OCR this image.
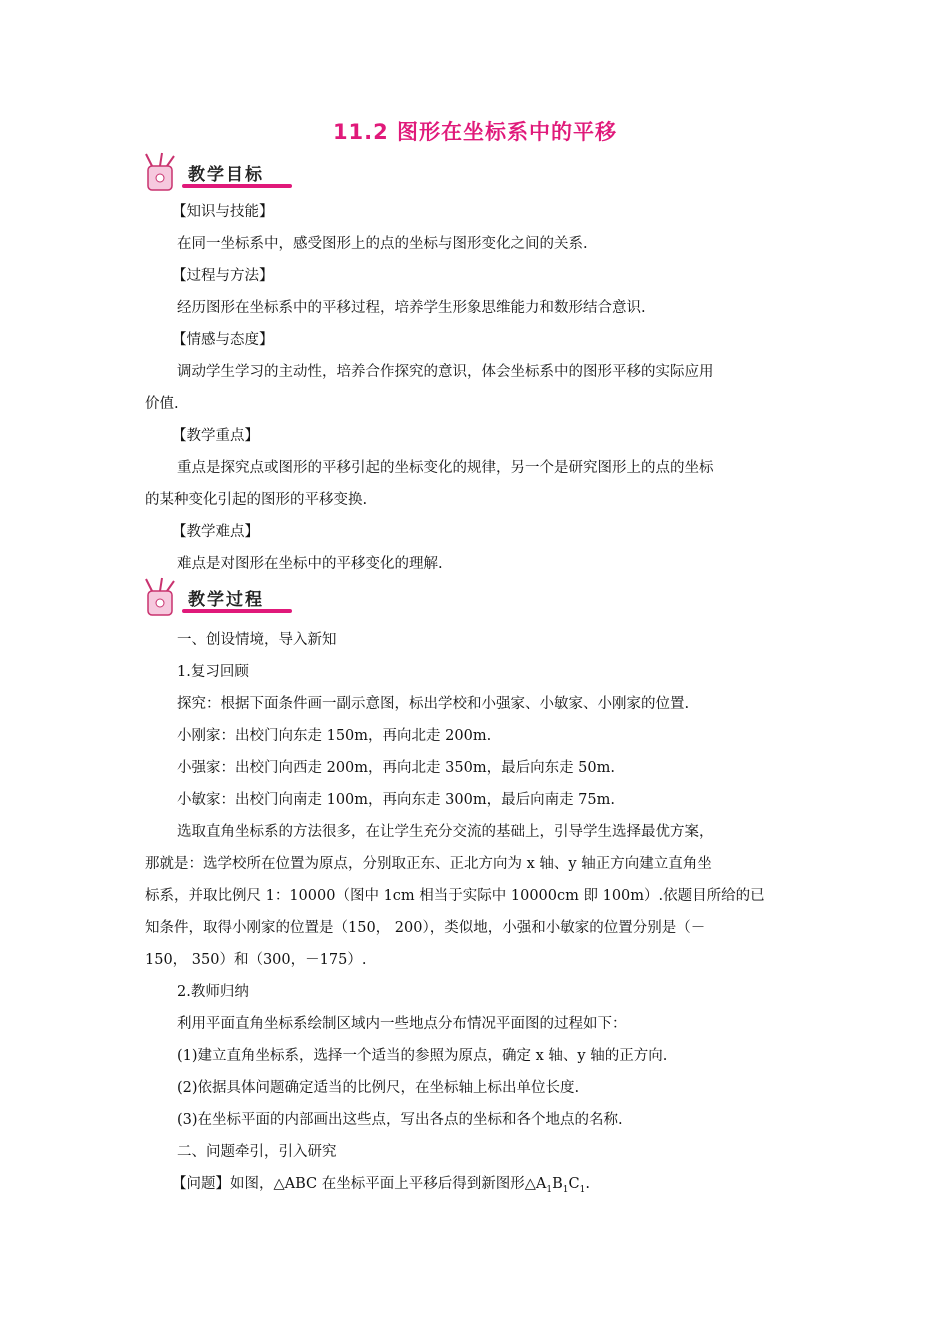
11.2 图形在坐标系中的平移
教学目标
教学过程
【知识与技能】
在同一坐标系中，感受图形上的点的坐标与图形变化之间的关系.
【过程与方法】
经历图形在坐标系中的平移过程，培养学生形象思维能力和数形结合意识.
【情感与态度】
调动学生学习的主动性，培养合作探究的意识，体会坐标系中的图形平移的实际应用
价值.
【教学重点】
重点是探究点或图形的平移引起的坐标变化的规律，另一个是研究图形上的点的坐标
的某种变化引起的图形的平移变换.
【教学难点】
难点是对图形在坐标中的平移变化的理解.
一、创设情境，导入新知
1.复习回顾
探究：根据下面条件画一副示意图，标出学校和小强家、小敏家、小刚家的位置.
小刚家：出校门向东走 150m，再向北走 200m.
小强家：出校门向西走 200m，再向北走 350m，最后向东走 50m.
小敏家：出校门向南走 100m，再向东走 300m，最后向南走 75m.
选取直角坐标系的方法很多，在让学生充分交流的基础上，引导学生选择最优方案，
那就是：选学校所在位置为原点，分别取正东、正北方向为 x 轴、y 轴正方向建立直角坐
标系，并取比例尺 1：10000（图中 1cm 相当于实际中 10000cm 即 100m）.依题目所给的已
知条件，取得小刚家的位置是（150， 200），类似地，小强和小敏家的位置分别是（－
150， 350）和（300，－175）.
2.教师归纳
利用平面直角坐标系绘制区域内一些地点分布情况平面图的过程如下：
(1)建立直角坐标系，选择一个适当的参照为原点，确定 x 轴、y 轴的正方向.
(2)依据具体问题确定适当的比例尺，在坐标轴上标出单位长度.
(3)在坐标平面的内部画出这些点，写出各点的坐标和各个地点的名称.
二、问题牵引，引入研究
【问题】如图，△ABC 在坐标平面上平移后得到新图形$\triangle A_1B_1C_1$.
